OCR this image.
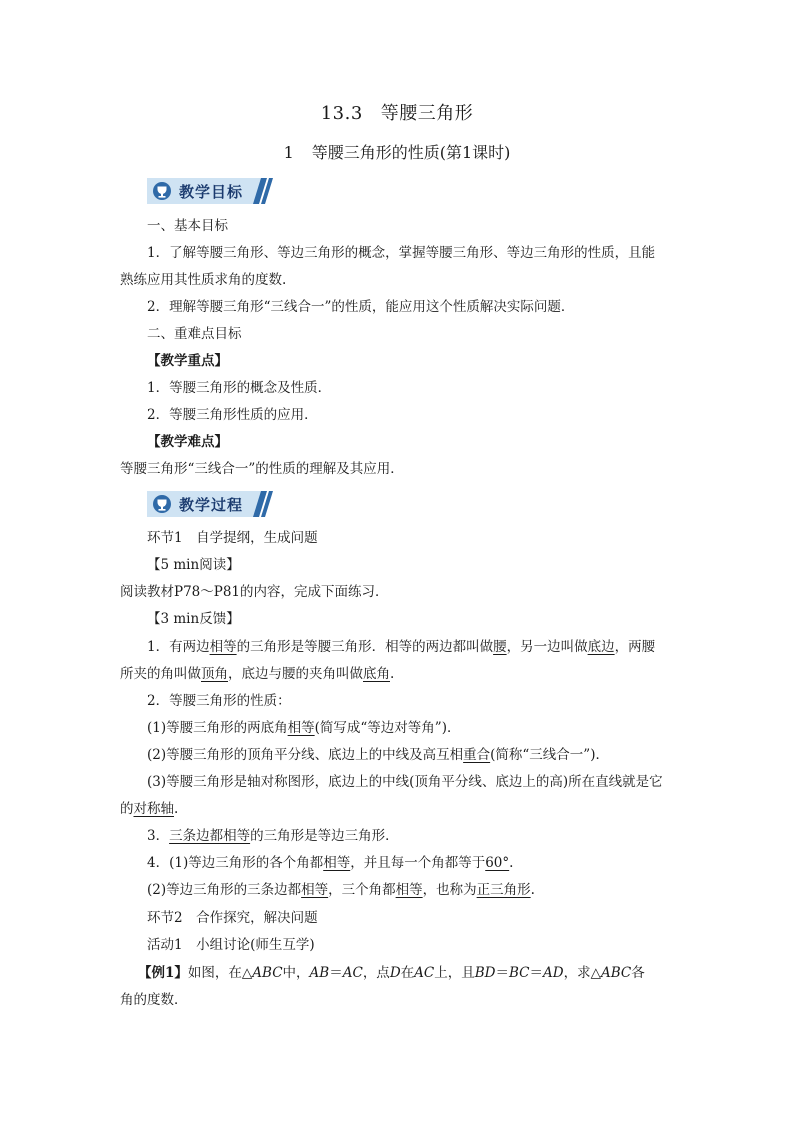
13.3 等腰三角形
1 等腰三角形的性质(第1课时)
教学目标
一、基本目标
1．了解等腰三角形、等边三角形的概念，掌握等腰三角形、等边三角形的性质，且能
熟练应用其性质求角的度数.
2．理解等腰三角形“三线合一”的性质，能应用这个性质解决实际问题．
二、重难点目标
【教学重点】
1．等腰三角形的概念及性质．
2．等腰三角形性质的应用．
【教学难点】
等腰三角形“三线合一”的性质的理解及其应用．
教学过程
环节1　自学提纲，生成问题
【5 min阅读】
阅读教材P78～P81的内容，完成下面练习．
【3 min反馈】
1．有两边相等的三角形是等腰三角形．相等的两边都叫做腰，另一边叫做底边，两腰
所夹的角叫做顶角，底边与腰的夹角叫做底角.
2．等腰三角形的性质：
(1)等腰三角形的两底角相等(简写成“等边对等角”)．
(2)等腰三角形的顶角平分线、底边上的中线及高互相重合(简称“三线合一”)．
(3)等腰三角形是轴对称图形，底边上的中线(顶角平分线、底边上的高)所在直线就是它
的对称轴.
3．三条边都相等的三角形是等边三角形．
4．(1)等边三角形的各个角都相等，并且每一个角都等于60°.
(2)等边三角形的三条边都相等，三个角都相等，也称为正三角形.
环节2　合作探究，解决问题
活动1　小组讨论(师生互学)
【例1】如图，在△ABC中，AB＝AC，点D在AC上，且BD＝BC＝AD，求△ABC各
角的度数．
